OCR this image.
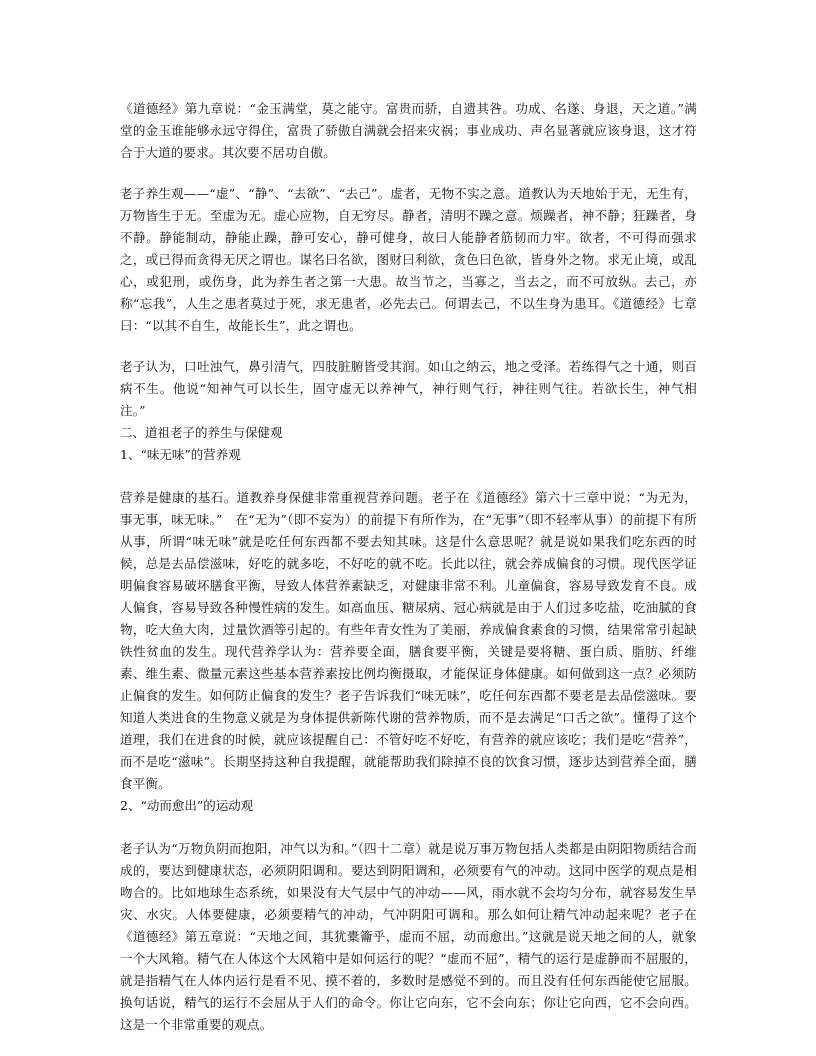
《道德经》第九章说：“金玉满堂，莫之能守。富贵而骄，自遗其咎。功成、名遂、身退，天之道。”满堂的金玉谁能够永远守得住，富贵了骄傲自满就会招来灾祸；事业成功、声名显著就应该身退，这才符合于大道的要求。其次要不居功自傲。

老子养生观——“虚”、“静”、“去欲”、“去己”。虚者，无物不实之意。道教认为天地始于无，无生有，万物皆生于无。至虚为无。虚心应物，自无穷尽。静者，清明不躁之意。烦躁者，神不静；狂躁者，身不静。静能制动，静能止躁，静可安心，静可健身，故曰人能静者筋韧而力牢。欲者，不可得而强求之，或已得而贪得无厌之谓也。谋名曰名欲，图财曰利欲，贪色曰色欲，皆身外之物。求无止境，或乱心，或犯刑，或伤身，此为养生者之第一大患。故当节之，当寡之，当去之，而不可放纵。去己，亦称“忘我”，人生之患者莫过于死，求无患者，必先去己。何谓去己，不以生身为患耳。《道德经》七章曰：“以其不自生，故能长生”，此之谓也。

老子认为，口吐浊气，鼻引清气，四肢脏腑皆受其润。如山之纳云，地之受泽。若练得气之十通，则百病不生。他说“知神气可以长生，固守虚无以养神气，神行则气行，神往则气往。若欲长生，神气相注。”

二、道祖老子的养生与保健观
1、“味无味”的营养观

营养是健康的基石。道教养身保健非常重视营养问题。老子在《道德经》第六十三章中说：“为无为，事无事，味无味。”　在“无为”（即不妄为）的前提下有所作为，在“无事”（即不轻率从事）的前提下有所从事，所谓“味无味”就是吃任何东西都不要去知其味。这是什么意思呢？就是说如果我们吃东西的时候，总是去品偿滋味，好吃的就多吃，不好吃的就不吃。长此以往，就会养成偏食的习惯。现代医学证明偏食容易破坏膳食平衡，导致人体营养素缺乏，对健康非常不利。儿童偏食，容易导致发育不良。成人偏食，容易导致各种慢性病的发生。如高血压、糖尿病、冠心病就是由于人们过多吃盐，吃油腻的食物，吃大鱼大肉，过量饮酒等引起的。有些年青女性为了美丽，养成偏食素食的习惯，结果常常引起缺铁性贫血的发生。现代营养学认为：营养要全面，膳食要平衡，关键是要将糖、蛋白质、脂肪、纤维素、维生素、微量元素这些基本营养素按比例均衡摄取，才能保证身体健康。如何做到这一点？必须防止偏食的发生。如何防止偏食的发生？老子告诉我们“味无味”，吃任何东西都不要老是去品偿滋味。要知道人类进食的生物意义就是为身体提供新陈代谢的营养物质，而不是去满足“口舌之欲”。懂得了这个道理，我们在进食的时候，就应该提醒自己：不管好吃不好吃，有营养的就应该吃；我们是吃“营养”，而不是吃“滋味”。长期坚持这种自我提醒，就能帮助我们除掉不良的饮食习惯，逐步达到营养全面，膳食平衡。

2、“动而愈出”的运动观

老子认为“万物负阴而抱阳，冲气以为和。”（四十二章）就是说万事万物包括人类都是由阴阳物质结合而成的，要达到健康状态，必须阴阳调和。要达到阴阳调和，必须要有气的冲动。这同中医学的观点是相吻合的。比如地球生态系统，如果没有大气层中气的冲动——风，雨水就不会均匀分布，就容易发生旱灾、水灾。人体要健康，必须要精气的冲动，气冲阴阳可调和。那么如何让精气冲动起来呢？老子在《道德经》第五章说：“天地之间，其犹橐籥乎，虚而不屈，动而愈出。”这就是说天地之间的人，就象一个大风箱。精气在人体这个大风箱中是如何运行的呢？“虚而不屈”，精气的运行是虚静而不屈服的，就是指精气在人体内运行是看不见、摸不着的，多数时是感觉不到的。而且没有任何东西能使它屈服。换句话说，精气的运行不会屈从于人们的命令。你让它向东，它不会向东；你让它向西，它不会向西。这是一个非常重要的观点。
